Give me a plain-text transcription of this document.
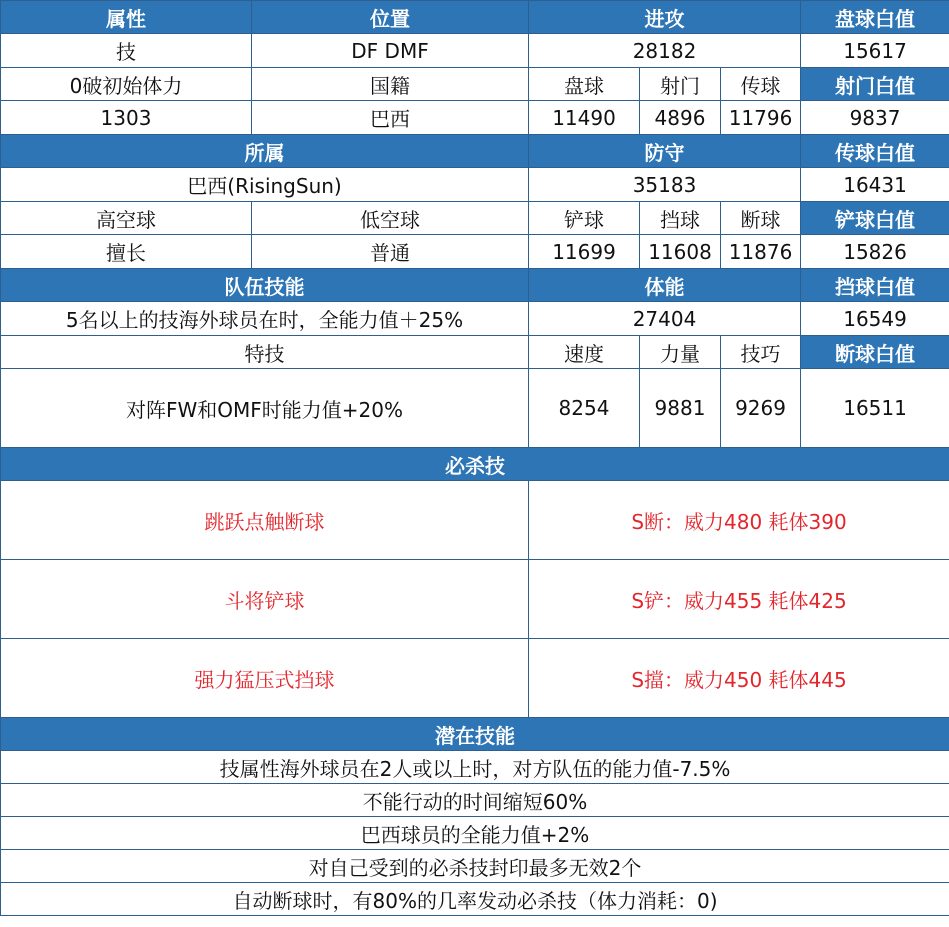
属性	位置	进攻			盘球白值
技	DF DMF	28182			15617
0破初始体力	国籍	盘球	射门	传球	射门白值
1303	巴西	11490	4896	11796	9837
所属		防守			传球白值
巴西(RisingSun)		35183			16431
高空球	低空球	铲球	挡球	断球	铲球白值
擅长	普通	11699	11608	11876	15826
队伍技能		体能			挡球白值
5名以上的技海外球员在时，全能力值＋25%		27404			16549
特技		速度	力量	技巧	断球白值
对阵FW和OMF时能力值+20%		8254	9881	9269	16511
必杀技					
跳跃点触断球		S断：威力480 耗体390			
斗将铲球		S铲：威力455 耗体425			
强力猛压式挡球		S擋：威力450 耗体445			
潜在技能					
技属性海外球员在2人或以上时，对方队伍的能力值-7.5%					
不能行动的时间缩短60%					
巴西球员的全能力值+2%					
对自己受到的必杀技封印最多无效2个					
自动断球时，有80%的几率发动必杀技（体力消耗：0)					
